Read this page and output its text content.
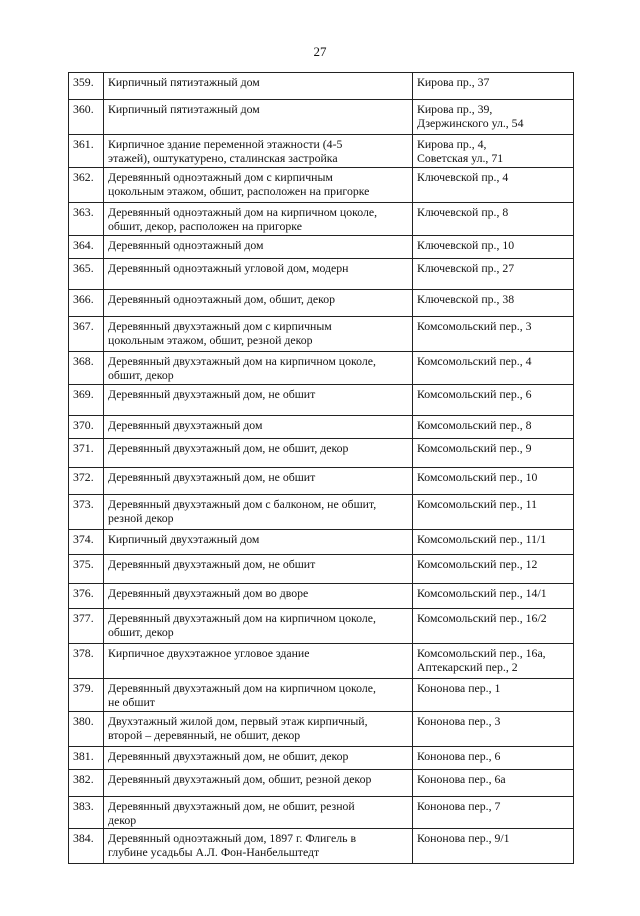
27
359.	Кирпичный пятиэтажный дом	Кирова пр., 37
360.	Кирпичный пятиэтажный дом	Кирова пр., 39,
Дзержинского ул., 54
361.	Кирпичное здание переменной этажности (4-5
этажей), оштукатурено, сталинская застройка	Кирова пр., 4,
Советская ул., 71
362.	Деревянный одноэтажный дом с кирпичным
цокольным этажом, обшит, расположен на пригорке	Ключевской пр., 4
363.	Деревянный одноэтажный дом на кирпичном цоколе,
обшит, декор, расположен на пригорке	Ключевской пр., 8
364.	Деревянный одноэтажный дом	Ключевской пр., 10
365.	Деревянный одноэтажный угловой дом, модерн	Ключевской пр., 27
366.	Деревянный одноэтажный дом, обшит, декор	Ключевской пр., 38
367.	Деревянный двухэтажный дом с кирпичным
цокольным этажом, обшит, резной декор	Комсомольский пер., 3
368.	Деревянный двухэтажный дом на кирпичном цоколе,
обшит, декор	Комсомольский пер., 4
369.	Деревянный двухэтажный дом, не обшит	Комсомольский пер., 6
370.	Деревянный двухэтажный дом	Комсомольский пер., 8
371.	Деревянный двухэтажный дом, не обшит, декор	Комсомольский пер., 9
372.	Деревянный двухэтажный дом, не обшит	Комсомольский пер., 10
373.	Деревянный двухэтажный дом с балконом, не обшит,
резной декор	Комсомольский пер., 11
374.	Кирпичный двухэтажный дом	Комсомольский пер., 11/1
375.	Деревянный двухэтажный дом, не обшит	Комсомольский пер., 12
376.	Деревянный двухэтажный дом во дворе	Комсомольский пер., 14/1
377.	Деревянный двухэтажный дом на кирпичном цоколе,
обшит, декор	Комсомольский пер., 16/2
378.	Кирпичное двухэтажное угловое здание	Комсомольский пер., 16а,
Аптекарский пер., 2
379.	Деревянный двухэтажный дом на кирпичном цоколе,
не обшит	Кононова пер., 1
380.	Двухэтажный жилой дом, первый этаж кирпичный,
второй – деревянный, не обшит, декор	Кононова пер., 3
381.	Деревянный двухэтажный дом, не обшит, декор	Кононова пер., 6
382.	Деревянный двухэтажный дом, обшит, резной декор	Кононова пер., 6а
383.	Деревянный двухэтажный дом, не обшит, резной
декор	Кононова пер., 7
384.	Деревянный одноэтажный дом, 1897 г. Флигель в
глубине усадьбы А.Л. Фон-Нанбельштедт	Кононова пер., 9/1
